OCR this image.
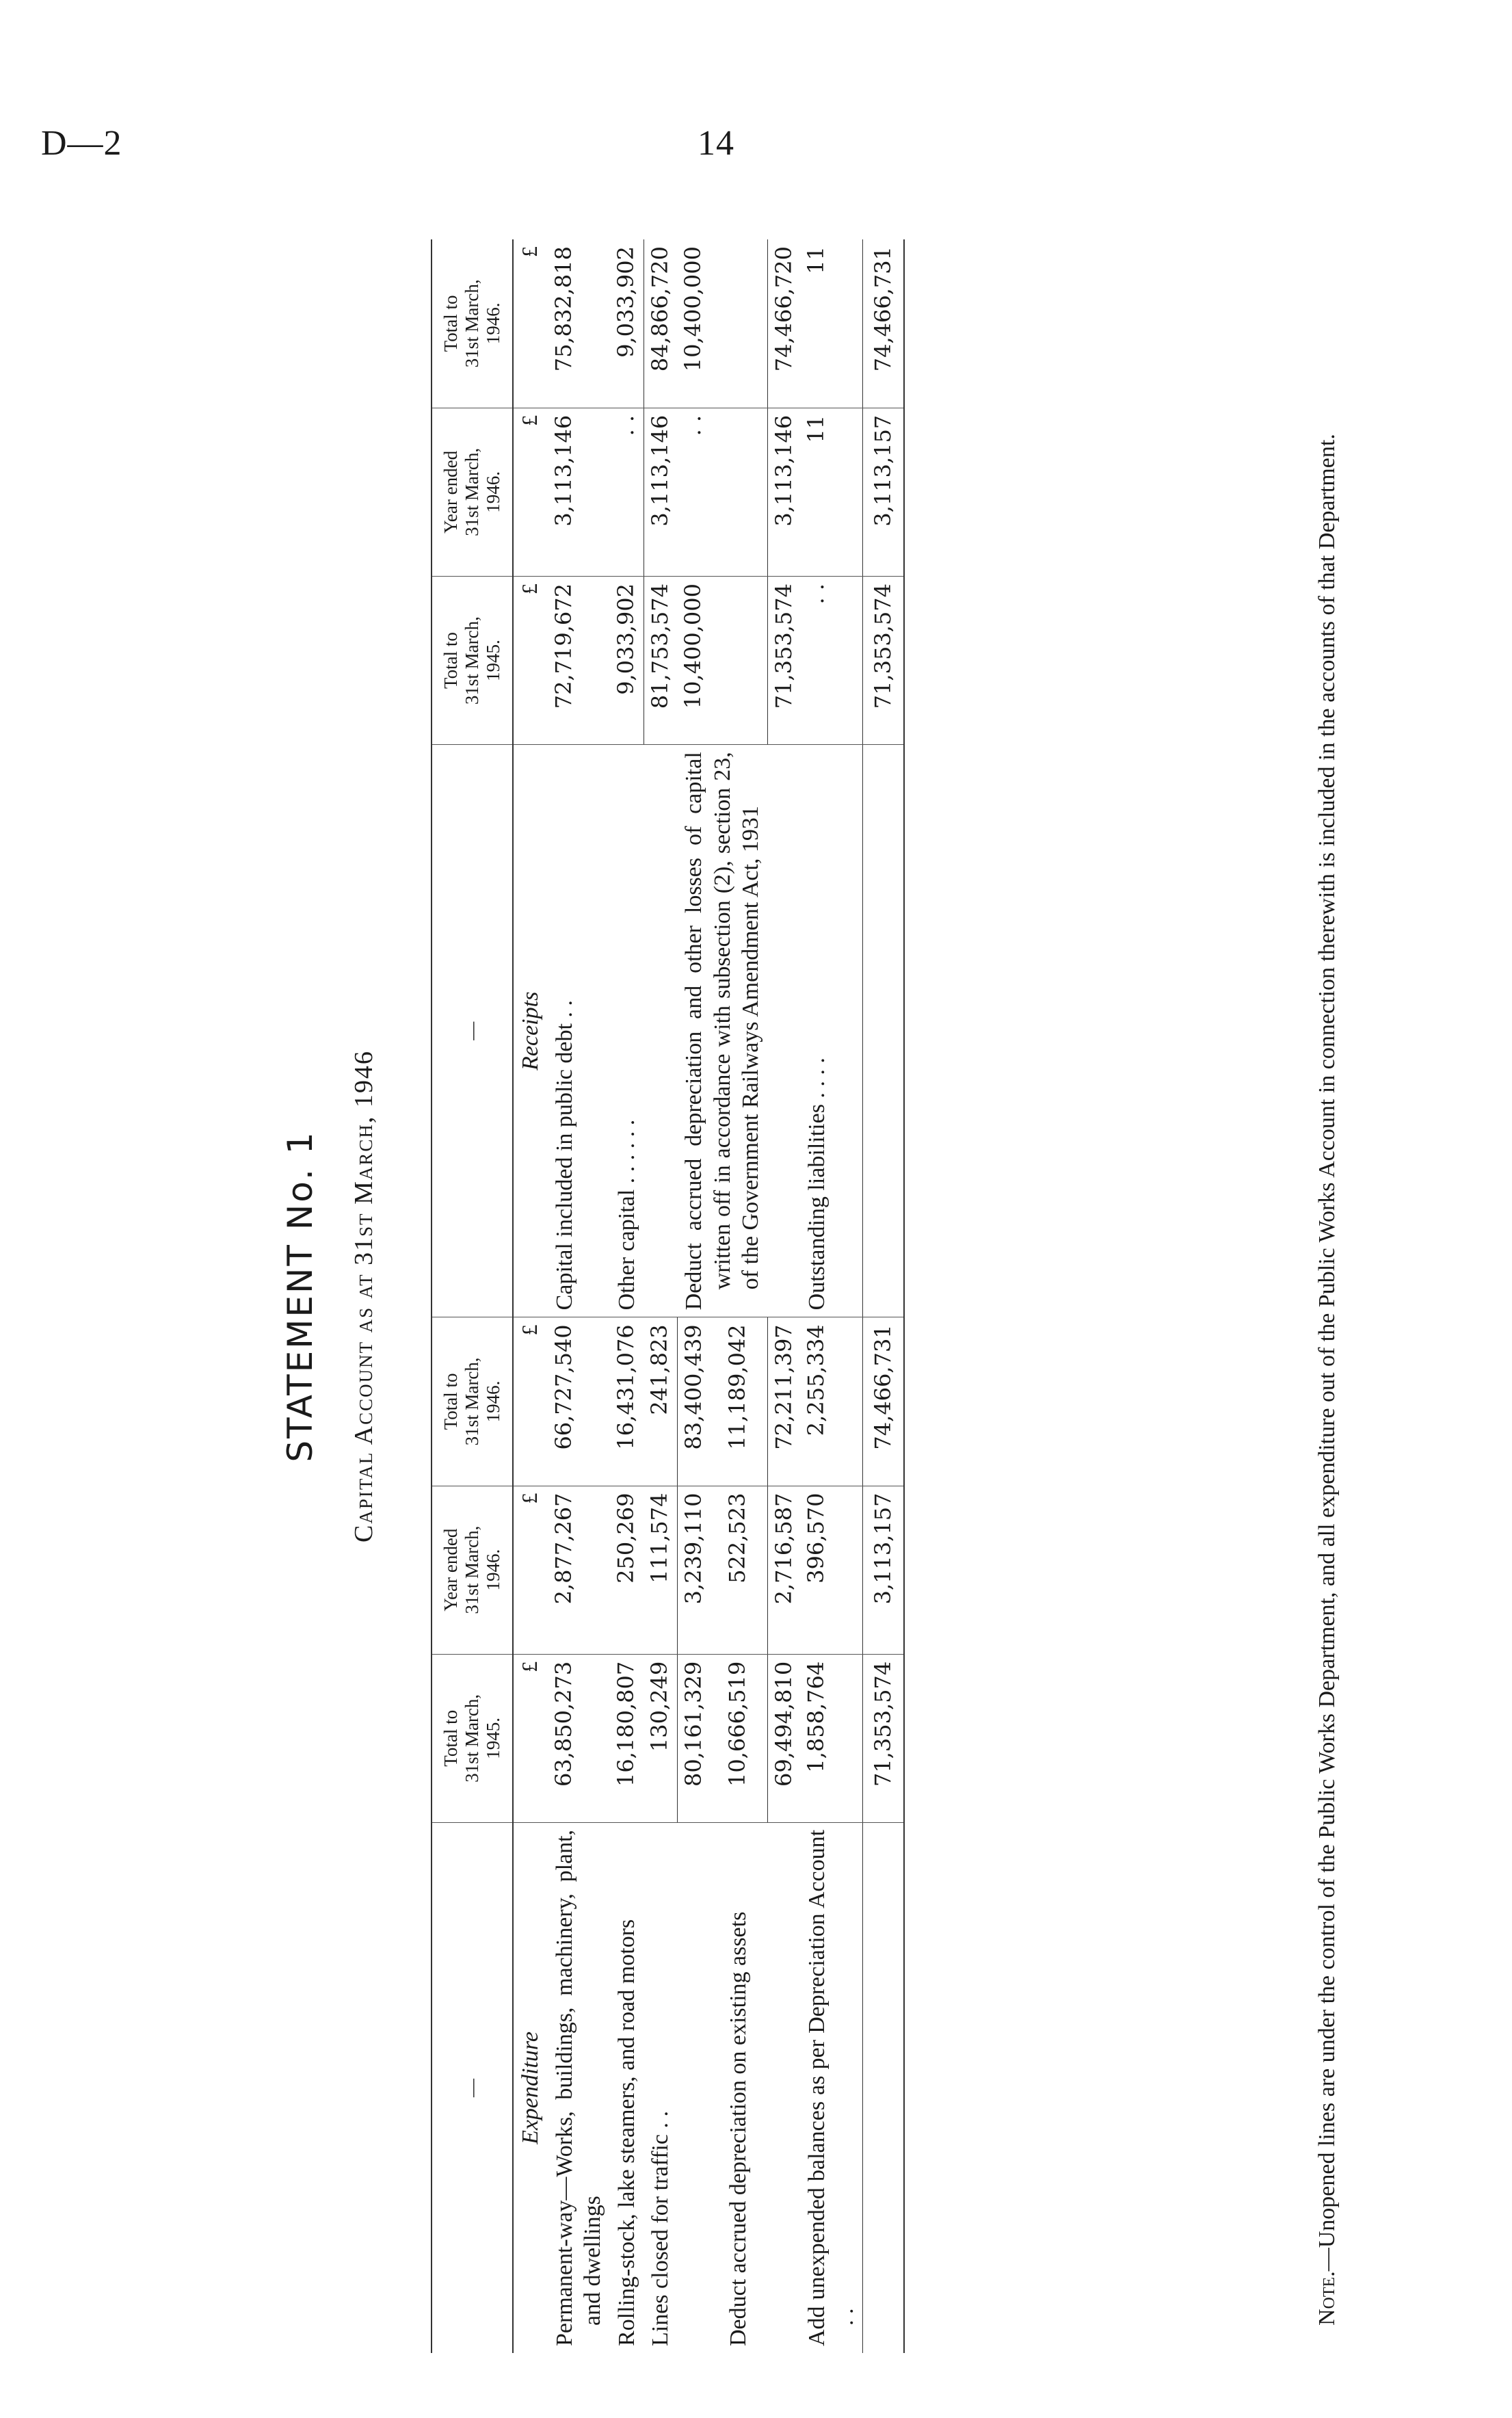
D—2	14
STATEMENT No. 1 Capital Account as at 31st March, 1946
—	Total to
31st March,
1945.	Year ended
31st March,
1946.	Total to
31st March,
1946.	—	Total to
31st March,
1945.	Year ended
31st March,
1946.	Total to
31st March,
1946.
Expenditure	£	£	£	Receipts	£	£	£

Permanent-way—Works, buildings, machinery, plant, and dwellings	63,850,273	2,877,267	66,727,540	Capital included in public debt . .	72,719,672	3,113,146	75,832,818

Rolling-stock, lake steamers, and road motors	16,180,807	250,269	16,431,076	Other capital . . . . . .	9,033,902	. .	9,033,902

Lines closed for traffic . .	130,249	111,574	241,823		81,753,574	3,113,146	84,866,720
	80,161,329	3,239,110	83,400,439	Deduct accrued depreciation and other losses of capital written off in accordance with subsection (2), section 23, of the Government Railways Amendment Act, 1931	10,400,000	. .	10,400,000

Deduct accrued depreciation on existing assets	10,666,519	522,523	11,189,042				
	69,494,810	2,716,587	72,211,397		71,353,574	3,113,146	74,466,720

Add unexpended balances as per Depreciation Account . .	1,858,764	396,570	2,255,334	Outstanding liabilities . . . .	. .	11	11
	71,353,574	3,113,157	74,466,731		71,353,574	3,113,157	74,466,731
Note.—Unopened lines are under the control of the Public Works Department, and all expenditure out of the Public Works Account in connection therewith is included in the accounts of that Department.
